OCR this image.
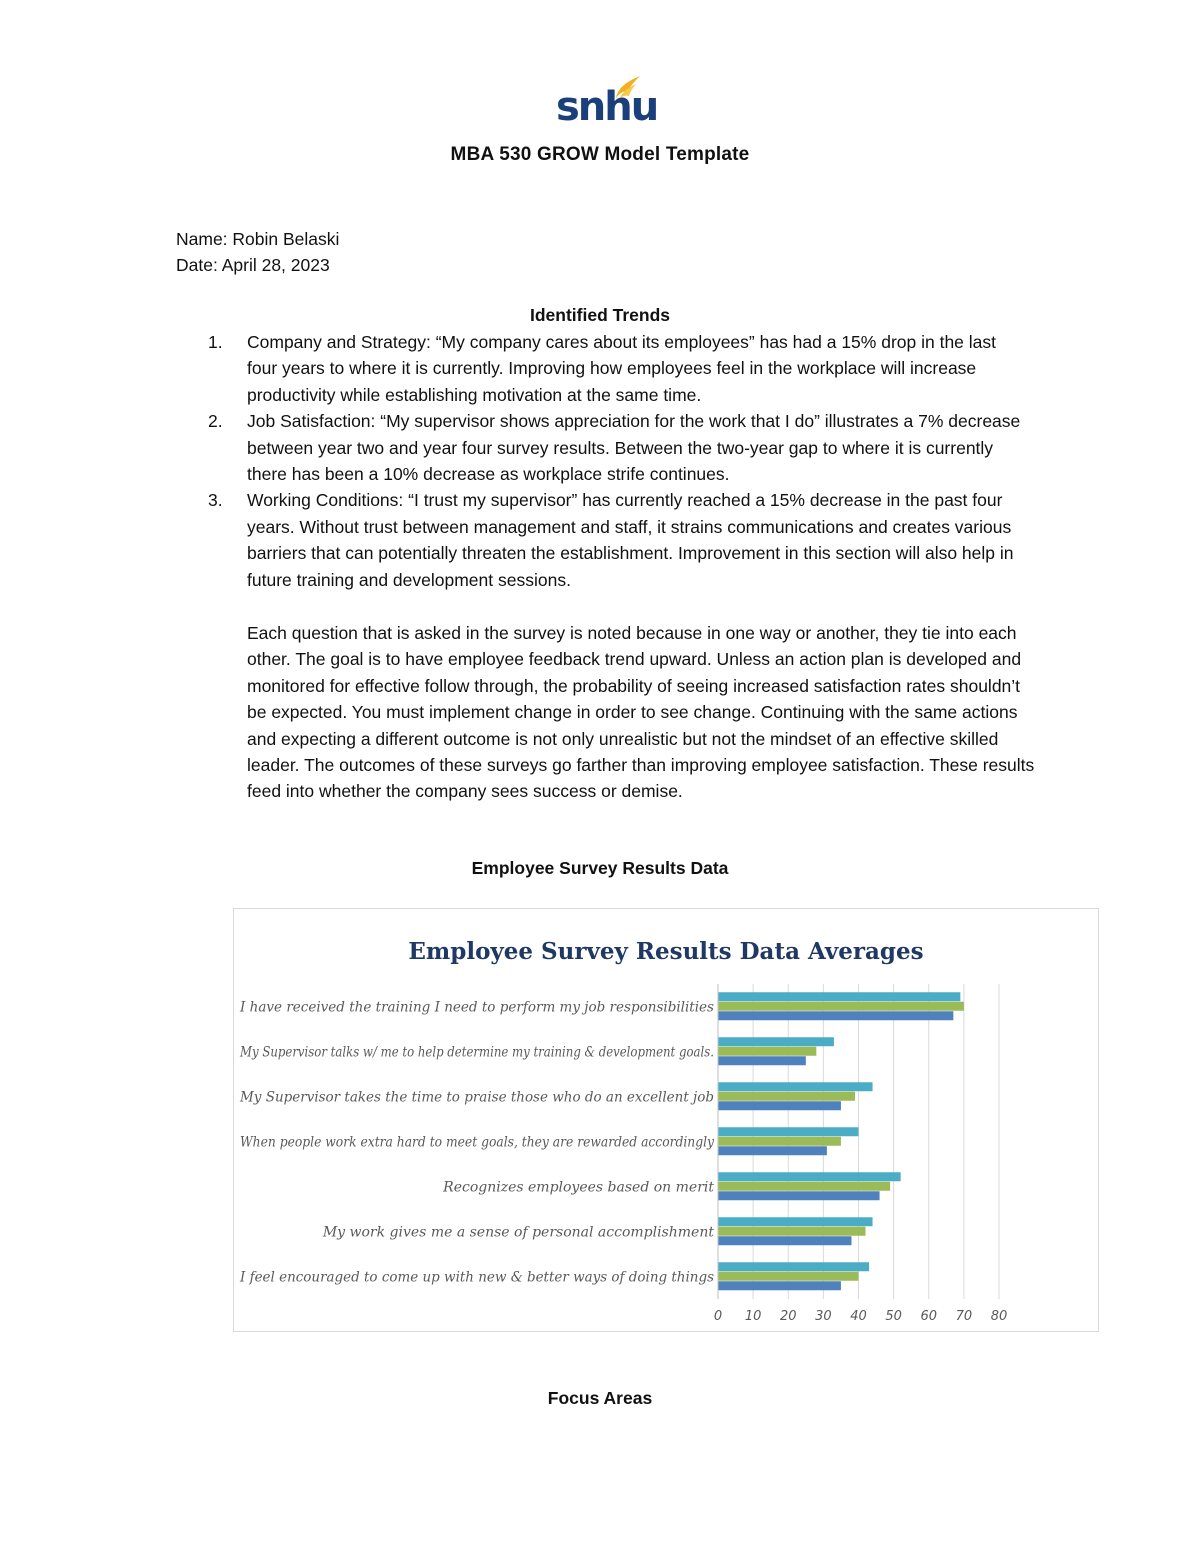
snhu
MBA 530 GROW Model Template
Name: Robin Belaski
Date: April 28, 2023
Identified Trends
1. Company and Strategy: “My company cares about its employees” has had a 15% drop in the last four years to where it is currently. Improving how employees feel in the workplace will increase productivity while establishing motivation at the same time.
2. Job Satisfaction: “My supervisor shows appreciation for the work that I do” illustrates a 7% decrease between year two and year four survey results. Between the two-year gap to where it is currently there has been a 10% decrease as workplace strife continues.
3. Working Conditions: “I trust my supervisor” has currently reached a 15% decrease in the past four years. Without trust between management and staff, it strains communications and creates various barriers that can potentially threaten the establishment. Improvement in this section will also help in future training and development sessions.

Each question that is asked in the survey is noted because in one way or another, they tie into each other. The goal is to have employee feedback trend upward. Unless an action plan is developed and monitored for effective follow through, the probability of seeing increased satisfaction rates shouldn’t be expected. You must implement change in order to see change. Continuing with the same actions and expecting a different outcome is not only unrealistic but not the mindset of an effective skilled leader. The outcomes of these surveys go farther than improving employee satisfaction. These results feed into whether the company sees success or demise.

Employee Survey Results Data
Employee Survey Results Data Averages
0 10 20 30 40 50 60 70 80
I have received the training I need to perform my job responsibilities
My Supervisor talks w/ me to help determine my training & development goals.
My Supervisor takes the time to praise those who do an excellent job
When people work extra hard to meet goals, they are rewarded accordingly
Recognizes employees based on merit
My work gives me a sense of personal accomplishment
I feel encouraged to come up with new & better ways of doing things
Focus Areas
